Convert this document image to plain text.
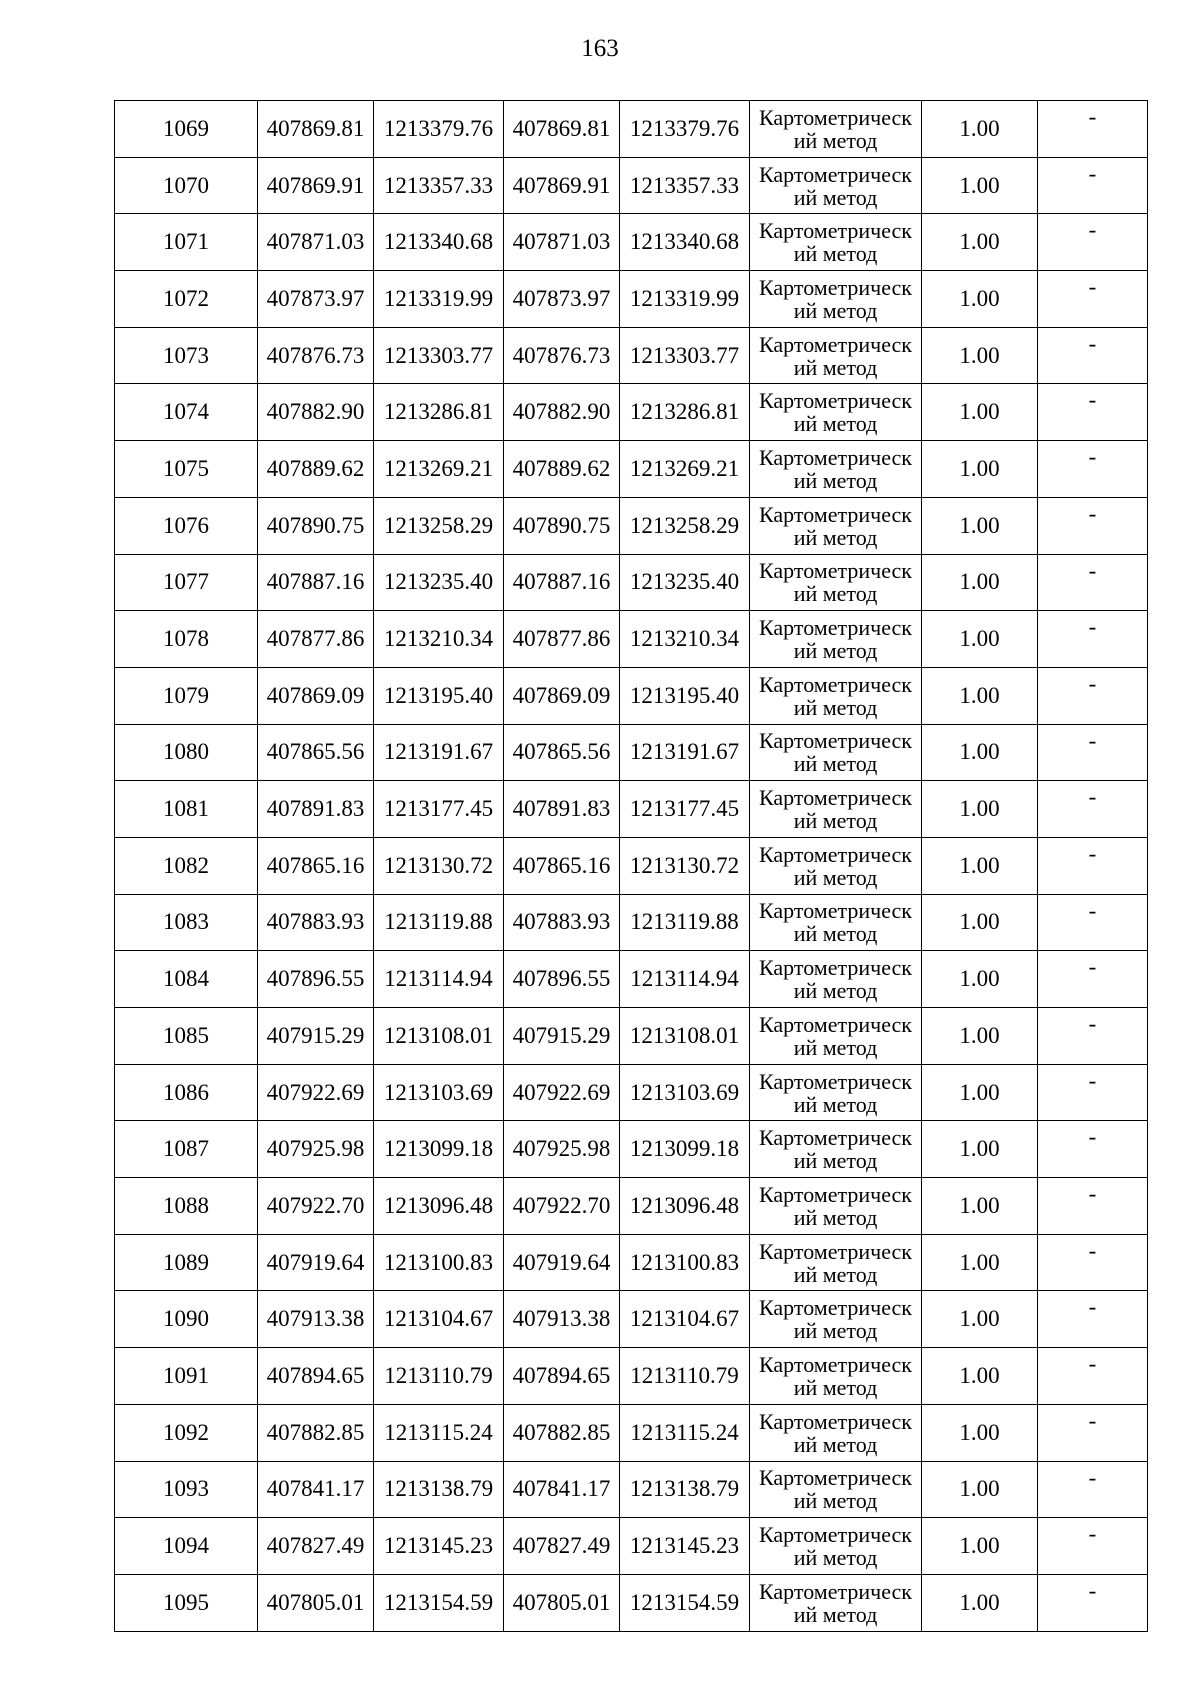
163
1069	407869.81	1213379.76	407869.81	1213379.76	Картометрический метод	1.00	-
1070	407869.91	1213357.33	407869.91	1213357.33	Картометрический метод	1.00	-
1071	407871.03	1213340.68	407871.03	1213340.68	Картометрический метод	1.00	-
1072	407873.97	1213319.99	407873.97	1213319.99	Картометрический метод	1.00	-
1073	407876.73	1213303.77	407876.73	1213303.77	Картометрический метод	1.00	-
1074	407882.90	1213286.81	407882.90	1213286.81	Картометрический метод	1.00	-
1075	407889.62	1213269.21	407889.62	1213269.21	Картометрический метод	1.00	-
1076	407890.75	1213258.29	407890.75	1213258.29	Картометрический метод	1.00	-
1077	407887.16	1213235.40	407887.16	1213235.40	Картометрический метод	1.00	-
1078	407877.86	1213210.34	407877.86	1213210.34	Картометрический метод	1.00	-
1079	407869.09	1213195.40	407869.09	1213195.40	Картометрический метод	1.00	-
1080	407865.56	1213191.67	407865.56	1213191.67	Картометрический метод	1.00	-
1081	407891.83	1213177.45	407891.83	1213177.45	Картометрический метод	1.00	-
1082	407865.16	1213130.72	407865.16	1213130.72	Картометрический метод	1.00	-
1083	407883.93	1213119.88	407883.93	1213119.88	Картометрический метод	1.00	-
1084	407896.55	1213114.94	407896.55	1213114.94	Картометрический метод	1.00	-
1085	407915.29	1213108.01	407915.29	1213108.01	Картометрический метод	1.00	-
1086	407922.69	1213103.69	407922.69	1213103.69	Картометрический метод	1.00	-
1087	407925.98	1213099.18	407925.98	1213099.18	Картометрический метод	1.00	-
1088	407922.70	1213096.48	407922.70	1213096.48	Картометрический метод	1.00	-
1089	407919.64	1213100.83	407919.64	1213100.83	Картометрический метод	1.00	-
1090	407913.38	1213104.67	407913.38	1213104.67	Картометрический метод	1.00	-
1091	407894.65	1213110.79	407894.65	1213110.79	Картометрический метод	1.00	-
1092	407882.85	1213115.24	407882.85	1213115.24	Картометрический метод	1.00	-
1093	407841.17	1213138.79	407841.17	1213138.79	Картометрический метод	1.00	-
1094	407827.49	1213145.23	407827.49	1213145.23	Картометрический метод	1.00	-
1095	407805.01	1213154.59	407805.01	1213154.59	Картометрический метод	1.00	-
